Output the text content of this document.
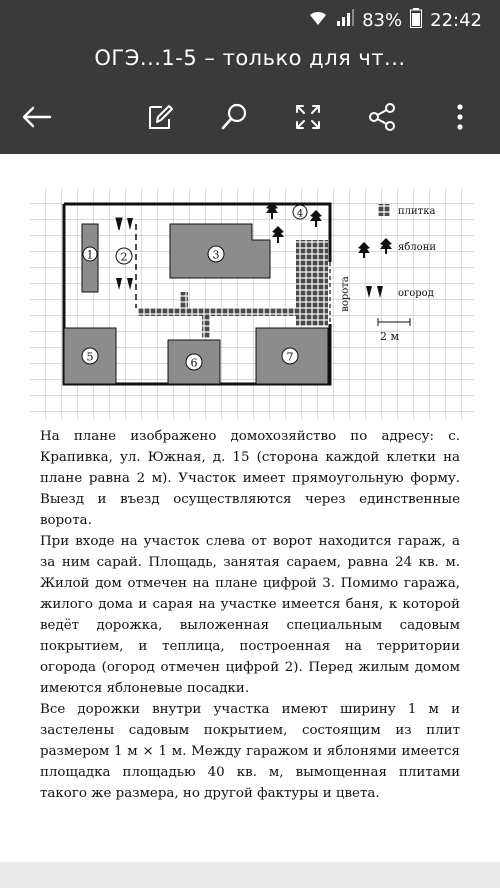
83% 22:42
ОГЭ...1-5 – только для чт...
1 2	3
4
5	6	7
ворота
плитка
яблони
огород
2 м

На плане изображено домохозяйство по адресу: с. Крапивка, ул. Южная, д. 15 (сторона каждой клетки на плане равна 2 м). Участок имеет прямоугольную форму. Выезд и въезд осуществляются через единственные ворота.

При входе на участок слева от ворот находится гараж, а за ним сарай. Площадь, занятая сараем, равна 24 кв. м. Жилой дом отмечен на плане цифрой 3. Помимо гаража, жилого дома и сарая на участке имеется баня, к которой ведёт дорожка, выложенная специальным садовым покрытием, и теплица, построенная на территории огорода (огород отмечен цифрой 2). Перед жилым домом имеются яблоневые посадки.

Все дорожки внутри участка имеют ширину 1 м и застелены садовым покрытием, состоящим из плит размером 1 м × 1 м. Между гаражом и яблонями имеется площадка площадью 40 кв. м, вымощенная плитами такого же размера, но другой фактуры и цвета.
